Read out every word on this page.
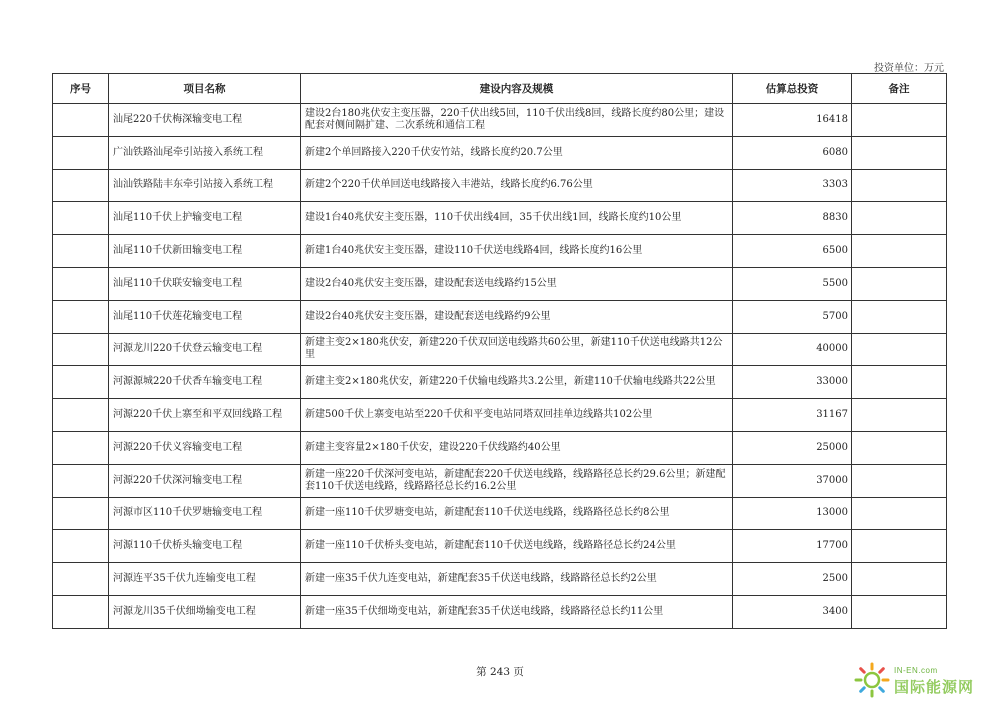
投资单位：万元
序号	项目名称	建设内容及规模	估算总投资	备注
	汕尾220千伏梅深输变电工程	建设2台180兆伏安主变压器，220千伏出线5回，110千伏出线8回，线路长度约80公里；建设配套对侧间隔扩建、二次系统和通信工程	16418	
	广汕铁路汕尾牵引站接入系统工程	新建2个单回路接入220千伏安竹站，线路长度约20.7公里	6080	
	汕汕铁路陆丰东牵引站接入系统工程	新建2个220千伏单回送电线路接入丰港站，线路长度约6.76公里	3303	
	汕尾110千伏上护输变电工程	建设1台40兆伏安主变压器，110千伏出线4回，35千伏出线1回，线路长度约10公里	8830	
	汕尾110千伏新田输变电工程	新建1台40兆伏安主变压器，建设110千伏送电线路4回，线路长度约16公里	6500	
	汕尾110千伏联安输变电工程	建设2台40兆伏安主变压器，建设配套送电线路约15公里	5500	
	汕尾110千伏莲花输变电工程	建设2台40兆伏安主变压器，建设配套送电线路约9公里	5700	
	河源龙川220千伏登云输变电工程	新建主变2×180兆伏安，新建220千伏双回送电线路共60公里，新建110千伏送电线路共12公里	40000	
	河源源城220千伏香车输变电工程	新建主变2×180兆伏安，新建220千伏输电线路共3.2公里，新建110千伏输电线路共22公里	33000	
	河源220千伏上寨至和平双回线路工程	新建500千伏上寨变电站至220千伏和平变电站同塔双回挂单边线路共102公里	31167	
	河源220千伏义容输变电工程	新建主变容量2×180千伏安，建设220千伏线路约40公里	25000	
	河源220千伏深河输变电工程	新建一座220千伏深河变电站，新建配套220千伏送电线路，线路路径总长约29.6公里；新建配套110千伏送电线路，线路路径总长约16.2公里	37000	
	河源市区110千伏罗塘输变电工程	新建一座110千伏罗塘变电站，新建配套110千伏送电线路，线路路径总长约8公里	13000	
	河源110千伏桥头输变电工程	新建一座110千伏桥头变电站，新建配套110千伏送电线路，线路路径总长约24公里	17700	
	河源连平35千伏九连输变电工程	新建一座35千伏九连变电站，新建配套35千伏送电线路，线路路径总长约2公里	2500	
	河源龙川35千伏细坳输变电工程	新建一座35千伏细坳变电站，新建配套35千伏送电线路，线路路径总长约11公里	3400	
第 243 页	IN-EN.com
国际能源网
